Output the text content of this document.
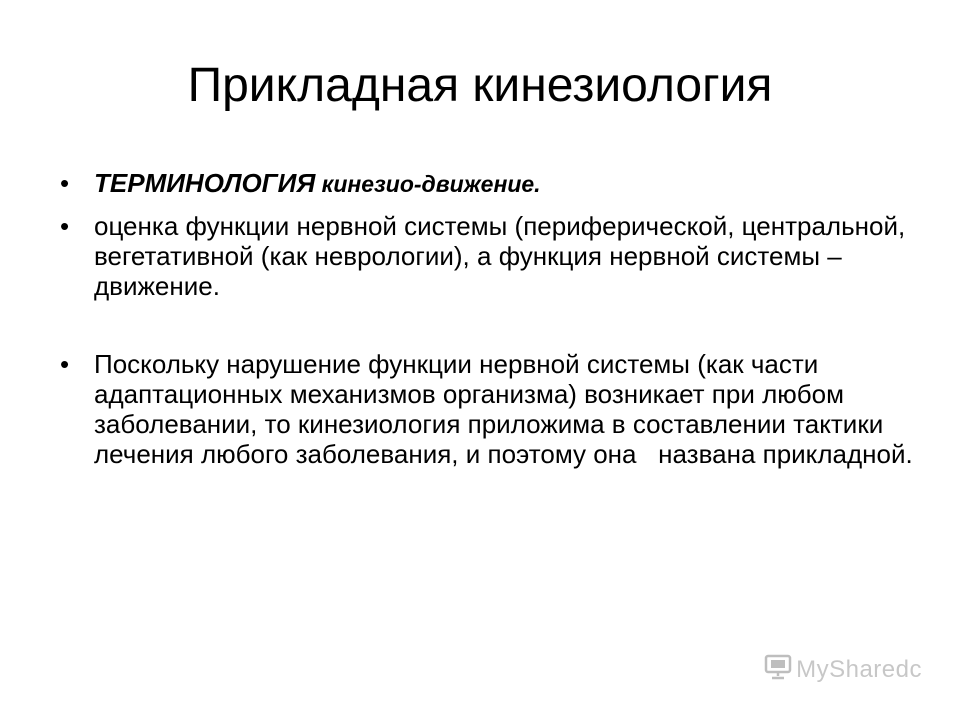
Прикладная кинезиология
• ТЕРМИНОЛОГИЯ кинезио-движение.
• оценка функции нервной системы (периферической, центральной, вегетативной (как неврологии), а функция нервной системы – движение.
• Поскольку нарушение функции нервной системы (как части адаптационных механизмов организма) возникает при любом заболевании, то кинезиология приложима в составлении тактики лечения любого заболевания, и поэтому она   названа прикладной.
MySharedc
